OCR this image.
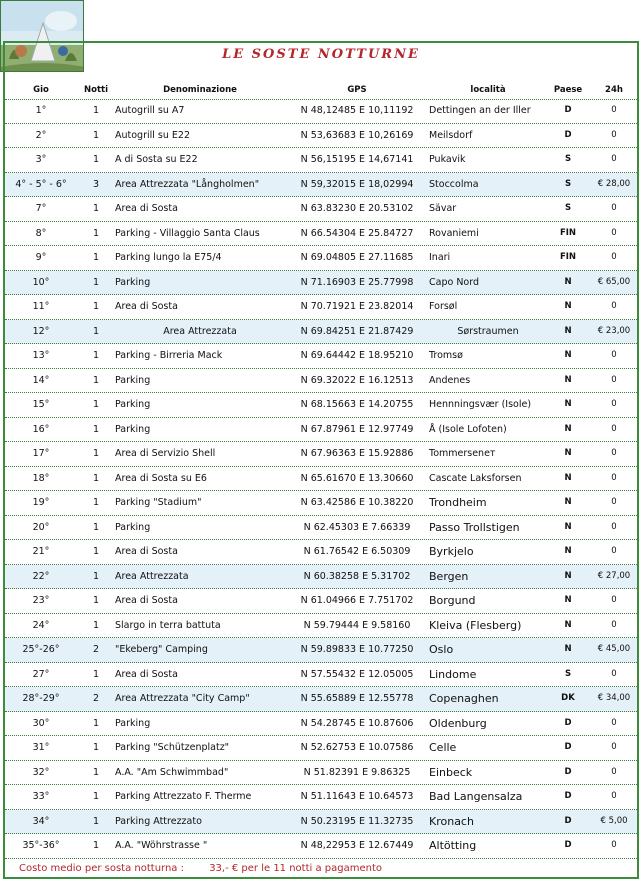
LE SOSTE NOTTURNE
Gio	Notti	Denominazione	GPS	località	Paese	24h
1°	1	Autogrill su A7	N 48,12485 E 10,11192	Dettingen an der Iller	D	0
2°	1	Autogrill su E22	N 53,63683 E 10,26169	Meilsdorf	D	0
3°	1	A di Sosta su E22	N 56,15195 E 14,67141	Pukavik	S	0
4° - 5° - 6°	3	Area Attrezzata "Långholmen"	N 59,32015 E 18,02994	Stoccolma	S	€ 28,00
7°	1	Area di Sosta	N 63.83230 E 20.53102	Sävar	S	0
8°	1	Parking - Villaggio Santa Claus	N 66.54304 E 25.84727	Rovaniemi	FIN	0
9°	1	Parking lungo la E75/4	N 69.04805 E 27.11685	Inari	FIN	0
10°	1	Parking	N 71.16903 E 25.77998	Capo Nord	N	€ 65,00
11°	1	Area di Sosta	N 70.71921 E 23.82014	Forsøl	N	0
12°	1	Area Attrezzata	N 69.84251 E 21.87429	Sørstraumen	N	€ 23,00
13°	1	Parking - Birreria Mack	N 69.64442 E 18.95210	Tromsø	N	0
14°	1	Parking	N 69.32022 E 16.12513	Andenes	N	0
15°	1	Parking	N 68.15663 E 14.20755	Hennningsvær (Isole)	N	0
16°	1	Parking	N 67.87961 E 12.97749	Å (Isole Lofoten)	N	0
17°	1	Area di Servizio Shell	N 67.96363 E 15.92886	Tommerseneт	N	0
18°	1	Area di Sosta su E6	N 65.61670 E 13.30660	Cascate Laksforsen	N	0
19°	1	Parking "Stadium"	N 63.42586 E 10.38220	Trondheim	N	0
20°	1	Parking	N 62.45303 E 7.66339	Passo Trollstigen	N	0
21°	1	Area di Sosta	N 61.76542 E 6.50309	Byrkjelo	N	0
22°	1	Area Attrezzata	N 60.38258 E 5.31702	Bergen	N	€ 27,00
23°	1	Area di Sosta	N 61.04966 E 7.751702	Borgund	N	0
24°	1	Slargo in terra battuta	N 59.79444 E 9.58160	Kleiva (Flesberg)	N	0
25°-26°	2	"Ekeberg" Camping	N 59.89833 E 10.77250	Oslo	N	€ 45,00
27°	1	Area di Sosta	N 57.55432 E 12.05005	Lindome	S	0
28°-29°	2	Area Attrezzata "City Camp"	N 55.65889 E 12.55778	Copenaghen	DK	€ 34,00
30°	1	Parking	N 54.28745 E 10.87606	Oldenburg	D	0
31°	1	Parking "Schützenplatz"	N 52.62753 E 10.07586	Celle	D	0
32°	1	A.A. "Am Schwimmbad"	N 51.82391 E 9.86325	Einbeck	D	0
33°	1	Parking Attrezzato F. Therme	N 51.11643 E 10.64573	Bad Langensalza	D	0
34°	1	Parking Attrezzato	N 50.23195 E 11.32735	Kronach	D	€ 5,00
35°-36°	1	A.A. "Wöhrstrasse "	N 48,22953 E 12.67449	Altötting	D	0
Costo medio per sosta notturna :	33,- € per le 11 notti a pagamento
